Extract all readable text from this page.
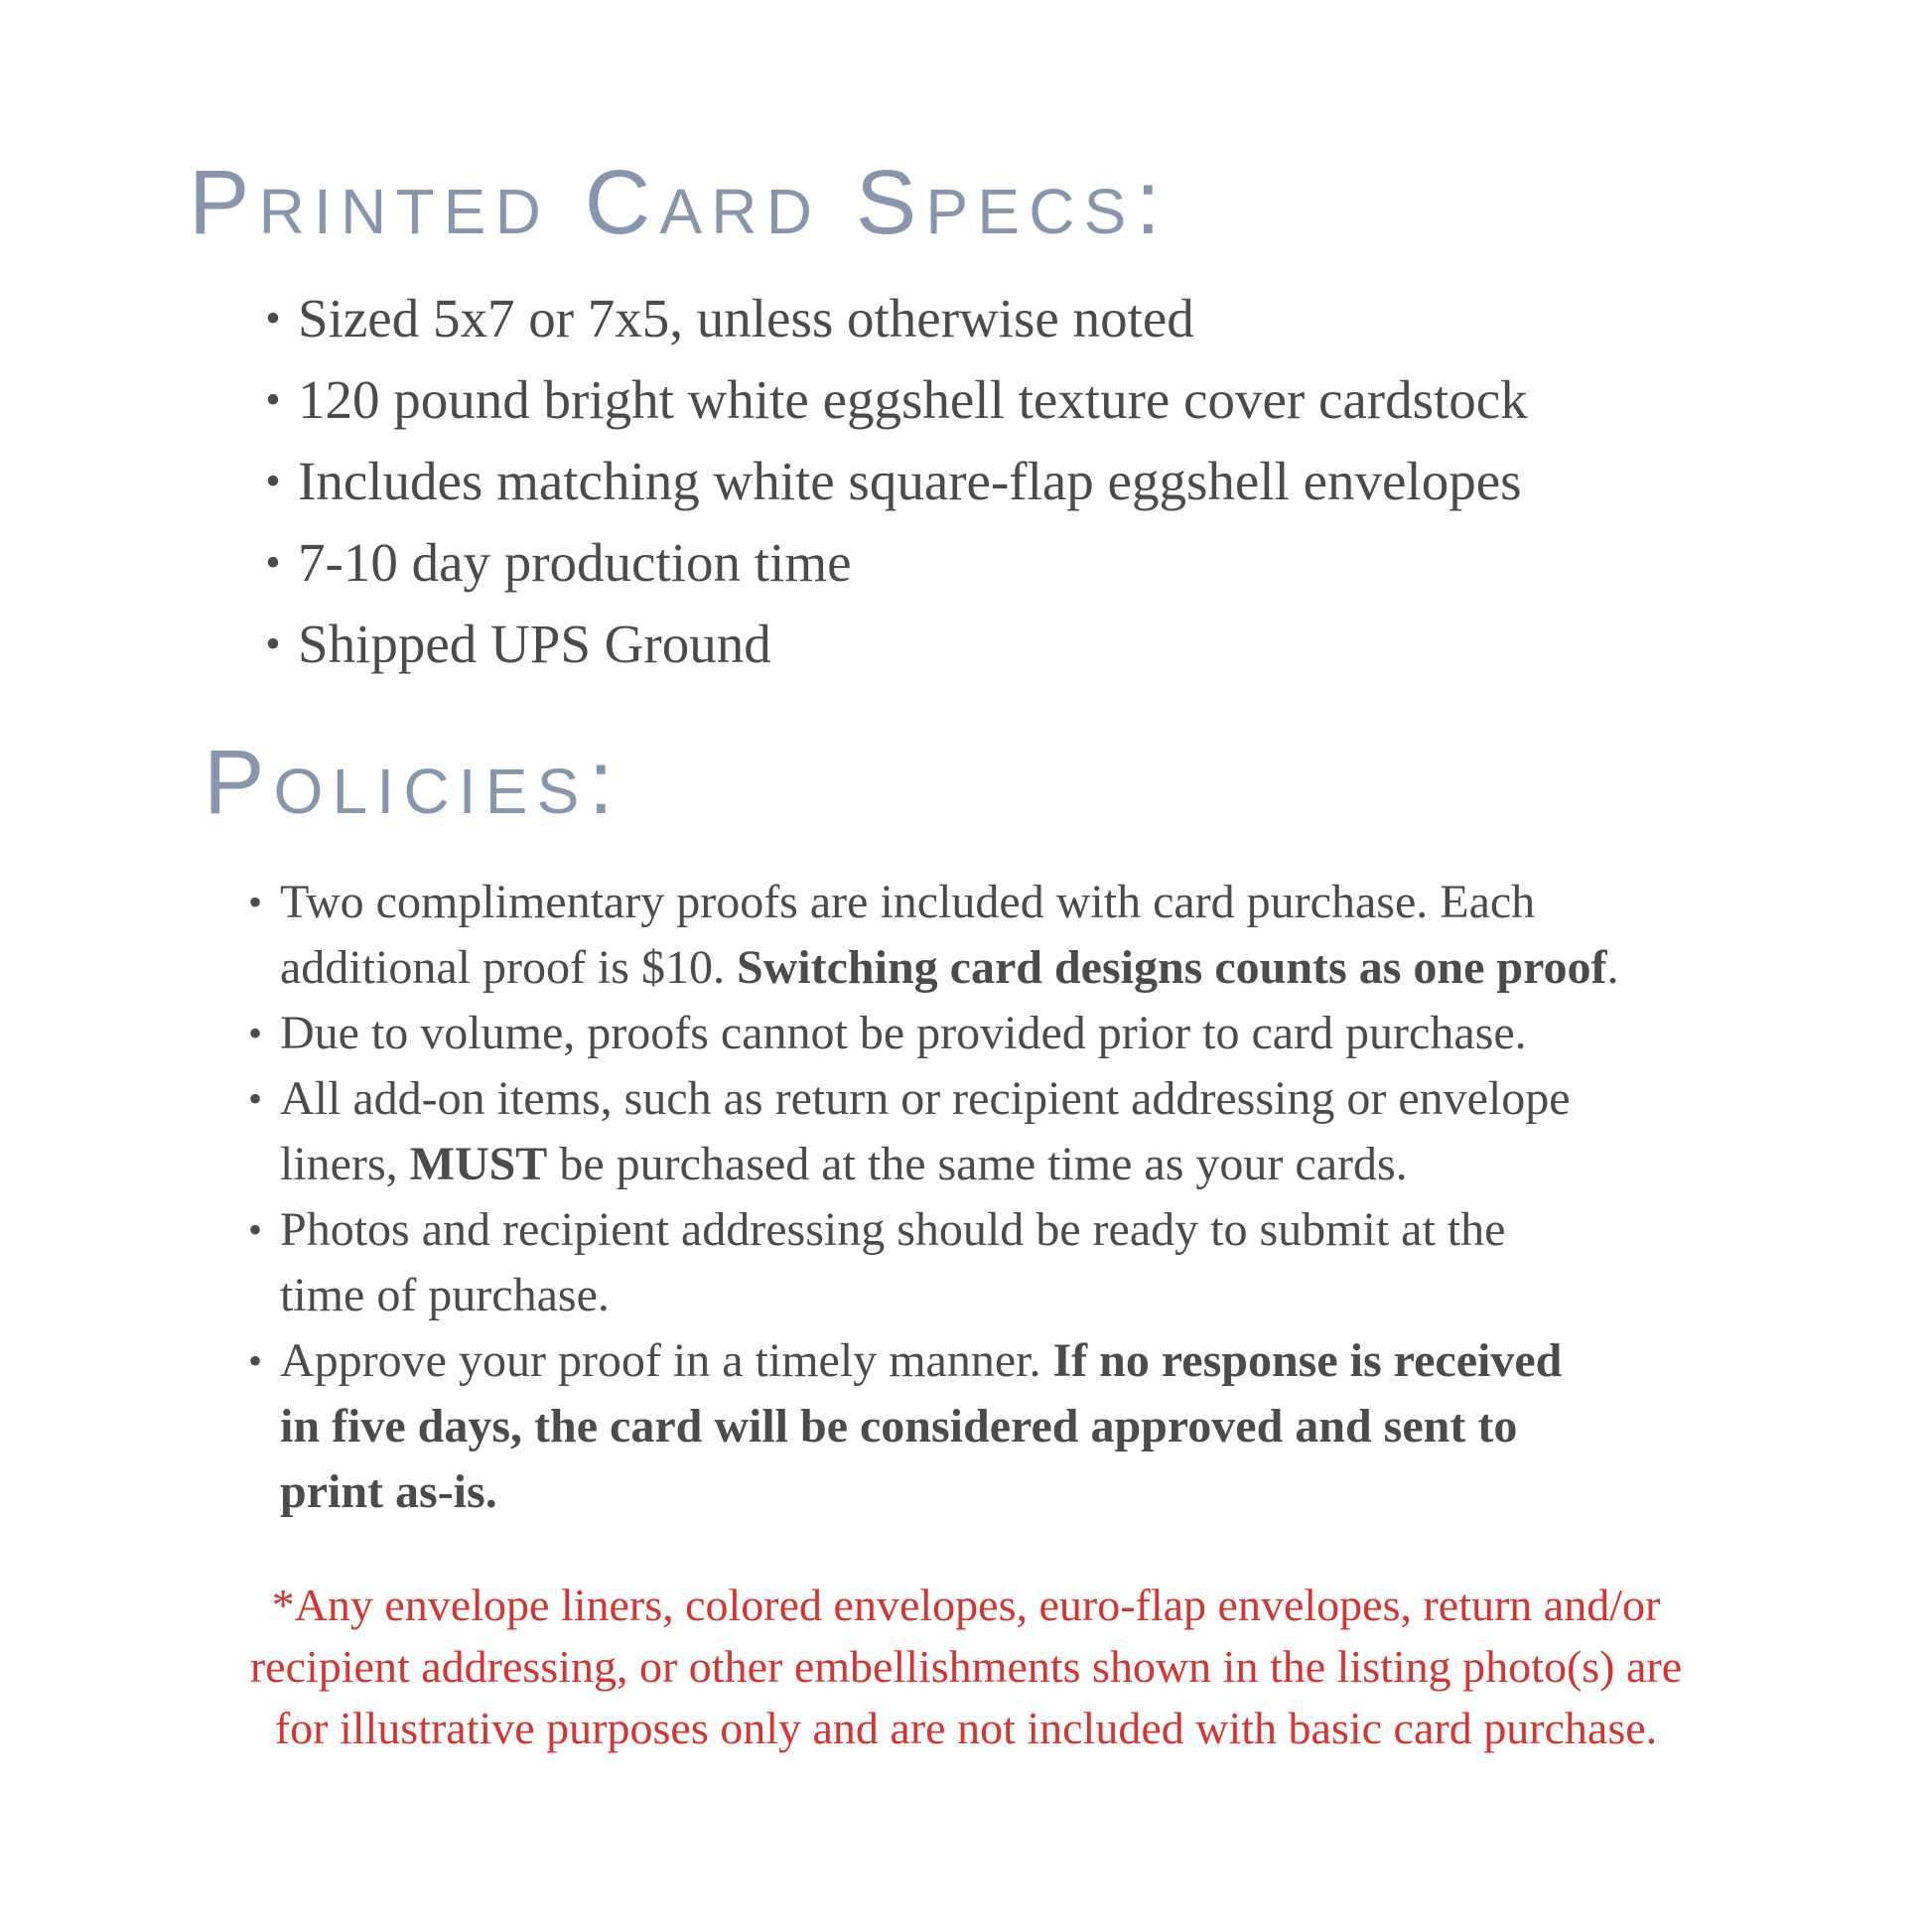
Printed Card Specs:
• Sized 5x7 or 7x5, unless otherwise noted
• 120 pound bright white eggshell texture cover cardstock
• Includes matching white square-flap eggshell envelopes
• 7-10 day production time
• Shipped UPS Ground
Policies:
• Two complimentary proofs are included with card purchase. Each
additional proof is $10. Switching card designs counts as one proof.
• Due to volume, proofs cannot be provided prior to card purchase.
• All add-on items, such as return or recipient addressing or envelope
liners, MUST be purchased at the same time as your cards.
• Photos and recipient addressing should be ready to submit at the
time of purchase.
• Approve your proof in a timely manner. If no response is received
in five days, the card will be considered approved and sent to
print as-is.

*Any envelope liners, colored envelopes, euro-flap envelopes, return and/or
recipient addressing, or other embellishments shown in the listing photo(s) are
for illustrative purposes only and are not included with basic card purchase.
